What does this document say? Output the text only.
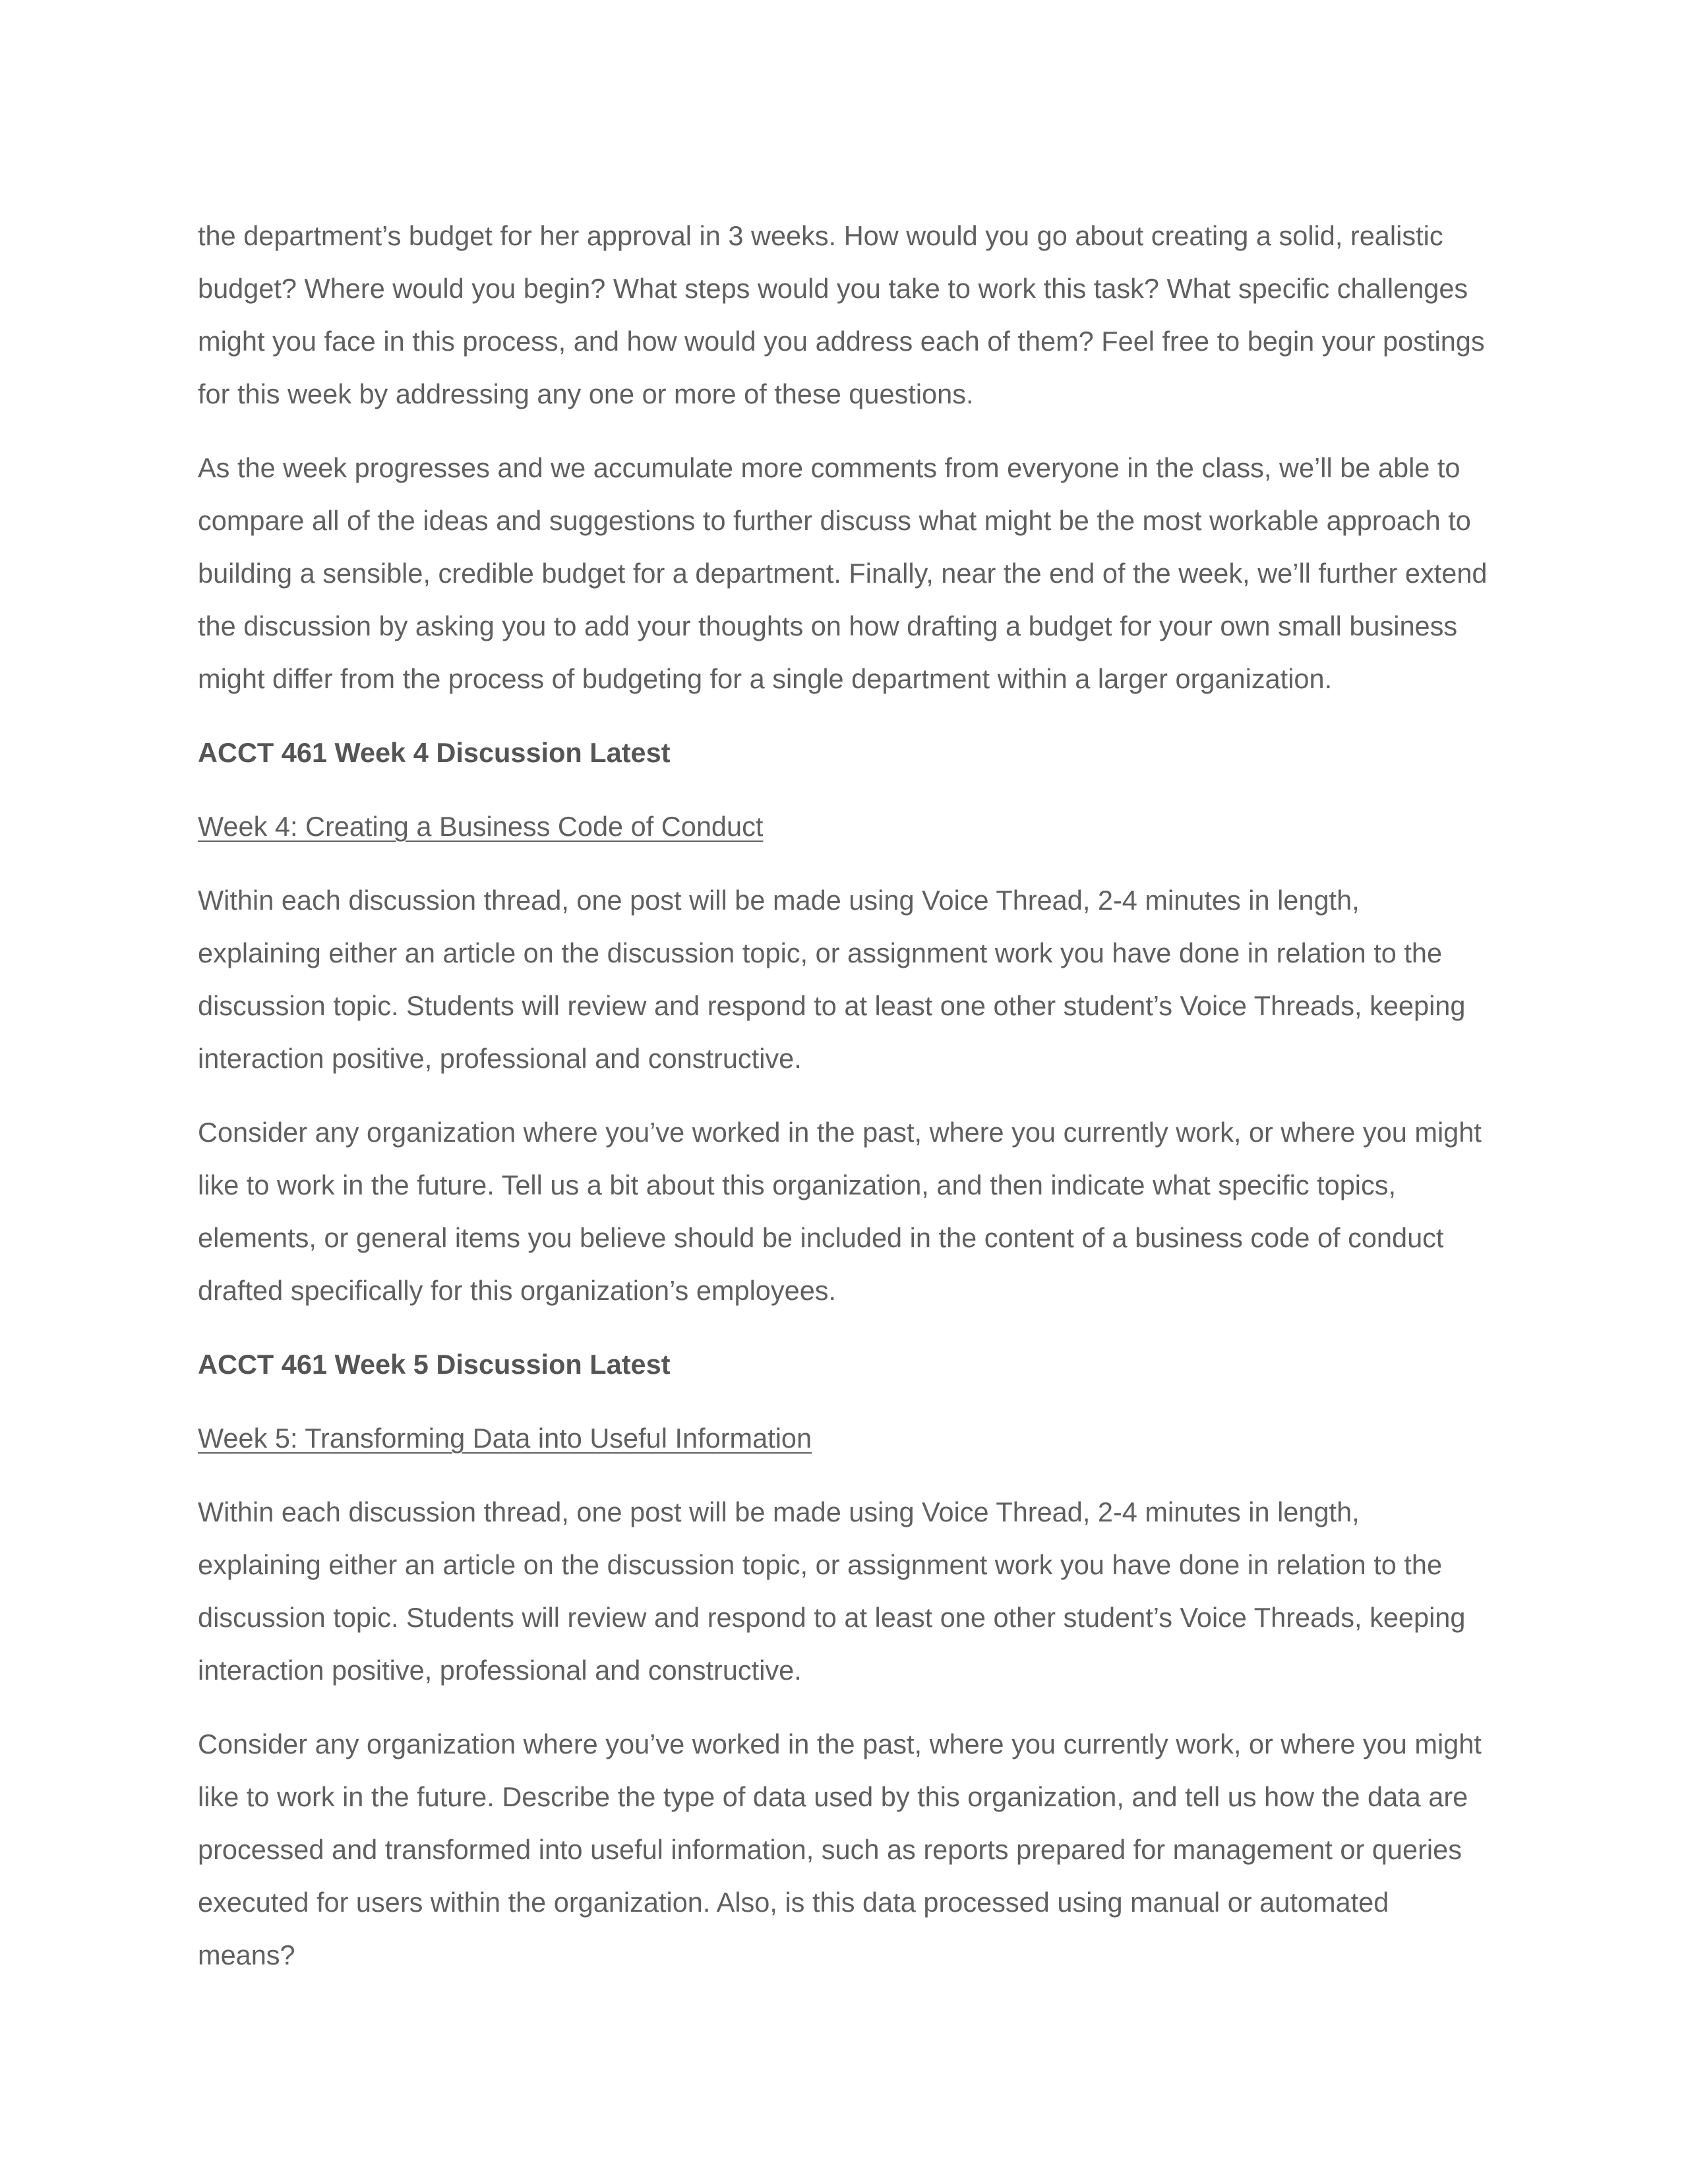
the department’s budget for her approval in 3 weeks. How would you go about creating a solid, realistic budget? Where would you begin? What steps would you take to work this task? What specific challenges might you face in this process, and how would you address each of them? Feel free to begin your postings for this week by addressing any one or more of these questions.

As the week progresses and we accumulate more comments from everyone in the class, we’ll be able to compare all of the ideas and suggestions to further discuss what might be the most workable approach to building a sensible, credible budget for a department. Finally, near the end of the week, we’ll further extend the discussion by asking you to add your thoughts on how drafting a budget for your own small business might differ from the process of budgeting for a single department within a larger organization.

ACCT 461 Week 4 Discussion Latest

Week 4: Creating a Business Code of Conduct

Within each discussion thread, one post will be made using Voice Thread, 2-4 minutes in length, explaining either an article on the discussion topic, or assignment work you have done in relation to the discussion topic. Students will review and respond to at least one other student’s Voice Threads, keeping interaction positive, professional and constructive.

Consider any organization where you’ve worked in the past, where you currently work, or where you might like to work in the future. Tell us a bit about this organization, and then indicate what specific topics, elements, or general items you believe should be included in the content of a business code of conduct drafted specifically for this organization’s employees.

ACCT 461 Week 5 Discussion Latest

Week 5: Transforming Data into Useful Information

Within each discussion thread, one post will be made using Voice Thread, 2-4 minutes in length, explaining either an article on the discussion topic, or assignment work you have done in relation to the discussion topic. Students will review and respond to at least one other student’s Voice Threads, keeping interaction positive, professional and constructive.

Consider any organization where you’ve worked in the past, where you currently work, or where you might like to work in the future. Describe the type of data used by this organization, and tell us how the data are processed and transformed into useful information, such as reports prepared for management or queries executed for users within the organization. Also, is this data processed using manual or automated means?
